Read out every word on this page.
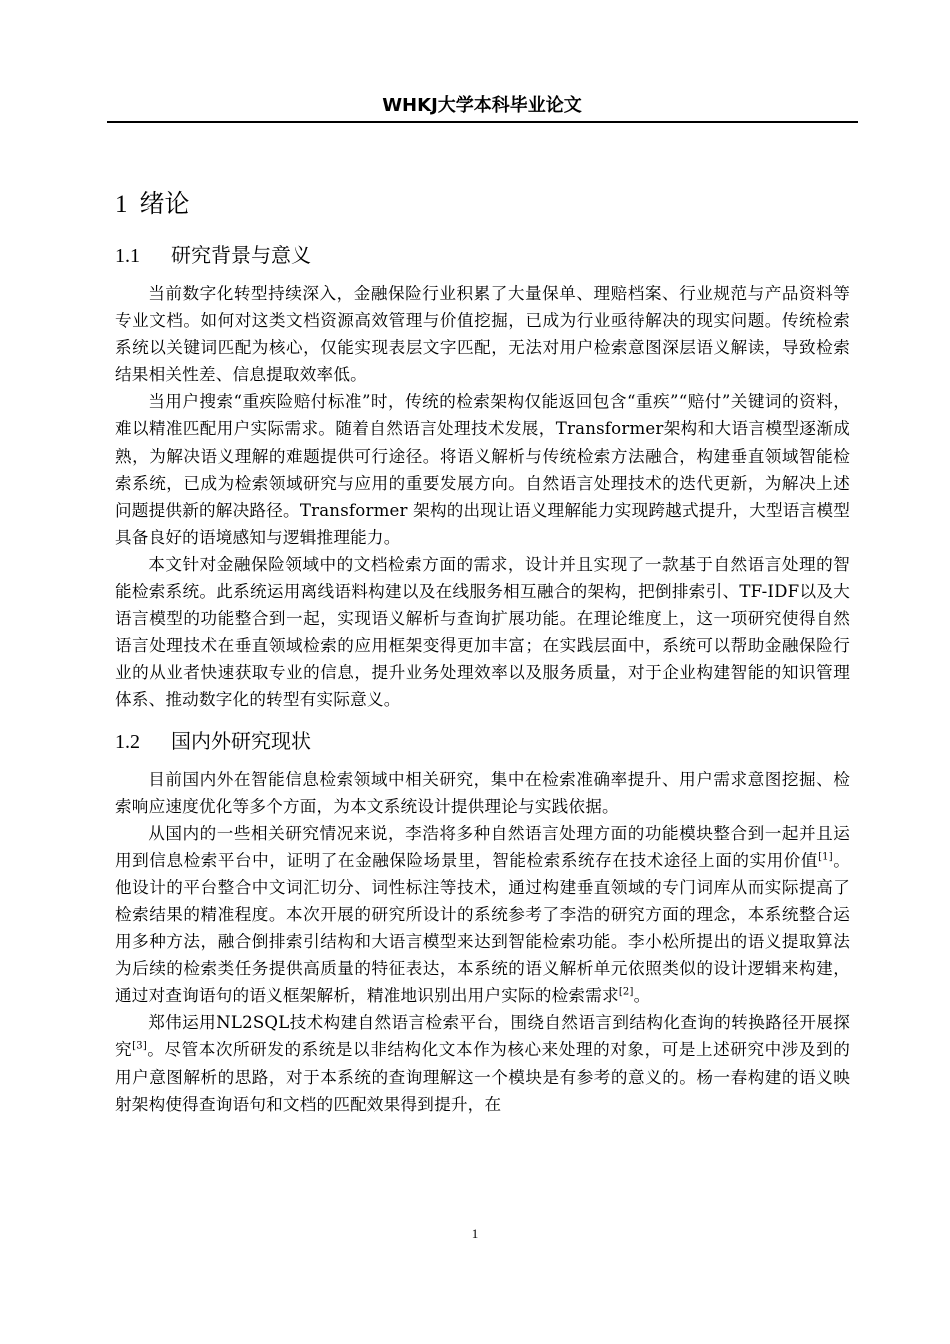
WHKJ大学本科毕业论文
1 绪论
1.1 研究背景与意义

当前数字化转型持续深入，金融保险行业积累了大量保单、理赔档案、行业规范与产品资料等专业文档。如何对这类文档资源高效管理与价值挖掘，已成为行业亟待解决的现实问题。传统检索系统以关键词匹配为核心，仅能实现表层文字匹配，无法对用户检索意图深层语义解读，导致检索结果相关性差、信息提取效率低。

当用户搜索“重疾险赔付标准”时，传统的检索架构仅能返回包含“重疾”“赔付”关键词的资料，难以精准匹配用户实际需求。随着自然语言处理技术发展，Transformer架构和大语言模型逐渐成熟，为解决语义理解的难题提供可行途径。将语义解析与传统检索方法融合，构建垂直领域智能检索系统，已成为检索领域研究与应用的重要发展方向。自然语言处理技术的迭代更新，为解决上述问题提供新的解决路径。Transformer 架构的出现让语义理解能力实现跨越式提升，大型语言模型具备良好的语境感知与逻辑推理能力。

本文针对金融保险领域中的文档检索方面的需求，设计并且实现了一款基于自然语言处理的智能检索系统。此系统运用离线语料构建以及在线服务相互融合的架构，把倒排索引、TF-IDF以及大语言模型的功能整合到一起，实现语义解析与查询扩展功能。在理论维度上，这一项研究使得自然语言处理技术在垂直领域检索的应用框架变得更加丰富；在实践层面中，系统可以帮助金融保险行业的从业者快速获取专业的信息，提升业务处理效率以及服务质量，对于企业构建智能的知识管理体系、推动数字化的转型有实际意义。

1.2 国内外研究现状

目前国内外在智能信息检索领域中相关研究，集中在检索准确率提升、用户需求意图挖掘、检索响应速度优化等多个方面，为本文系统设计提供理论与实践依据。

从国内的一些相关研究情况来说，李浩将多种自然语言处理方面的功能模块整合到一起并且运用到信息检索平台中，证明了在金融保险场景里，智能检索系统存在技术途径上面的实用价值[1]。他设计的平台整合中文词汇切分、词性标注等技术，通过构建垂直领域的专门词库从而实际提高了检索结果的精准程度。本次开展的研究所设计的系统参考了李浩的研究方面的理念，本系统整合运用多种方法，融合倒排索引结构和大语言模型来达到智能检索功能。李小松所提出的语义提取算法为后续的检索类任务提供高质量的特征表达，本系统的语义解析单元依照类似的设计逻辑来构建，通过对查询语句的语义框架解析，精准地识别出用户实际的检索需求[2]。

郑伟运用NL2SQL技术构建自然语言检索平台，围绕自然语言到结构化查询的转换路径开展探究[3]。尽管本次所研发的系统是以非结构化文本作为核心来处理的对象，可是上述研究中涉及到的用户意图解析的思路，对于本系统的查询理解这一个模块是有参考的意义的。杨一春构建的语义映射架构使得查询语句和文档的匹配效果得到提升，在

1
